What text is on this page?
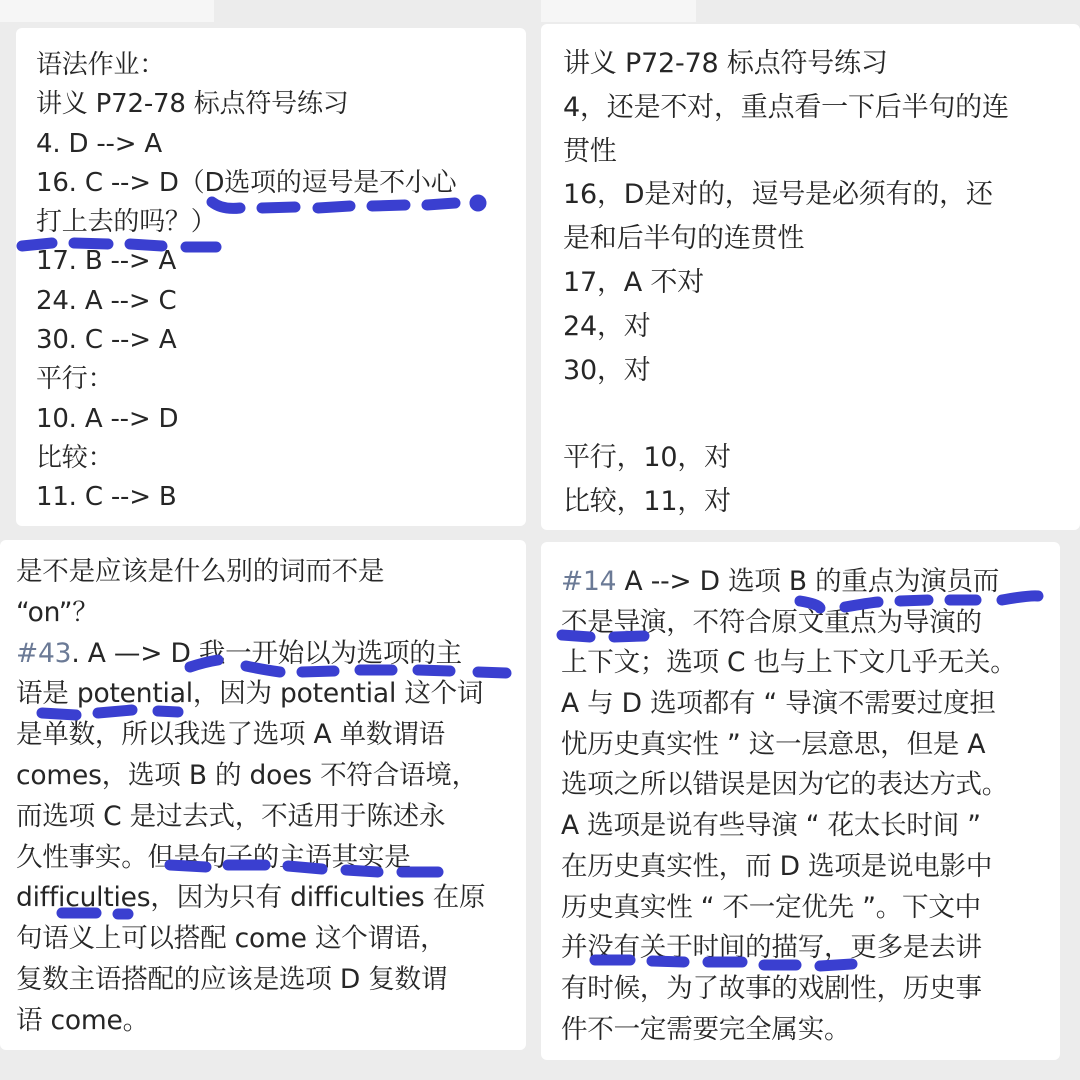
语法作业：
讲义 P72-78 标点符号练习
4. D --> A
16. C --> D（D选项的逗号是不小心
打上去的吗？）
17. B --> A
24. A --> C
30. C --> A
平行：
10. A --> D
比较：
11. C --> B
讲义 P72-78 标点符号练习
4，还是不对，重点看一下后半句的连
贯性
16，D是对的，逗号是必须有的，还
是和后半句的连贯性
17，A 不对
24，对
30，对
平行，10，对
比较，11，对
是不是应该是什么别的词而不是
“on”？
#43. A —> D 我一开始以为选项的主
语是 potential，因为 potential 这个词
是单数，所以我选了选项 A 单数谓语
comes，选项 B 的 does 不符合语境，
而选项 C 是过去式，不适用于陈述永
久性事实。但是句子的主语其实是
difficulties，因为只有 difficulties 在原
句语义上可以搭配 come 这个谓语，
复数主语搭配的应该是选项 D 复数谓
语 come。
#14 A --> D 选项 B 的重点为演员而
不是导演，不符合原文重点为导演的
上下文；选项 C 也与上下文几乎无关。
A 与 D 选项都有 “ 导演不需要过度担
忧历史真实性 ” 这一层意思，但是 A
选项之所以错误是因为它的表达方式。
A 选项是说有些导演 “ 花太长时间 ”
在历史真实性，而 D 选项是说电影中
历史真实性 “ 不一定优先 ”。下文中
并没有关于时间的描写，更多是去讲
有时候，为了故事的戏剧性，历史事
件不一定需要完全属实。
